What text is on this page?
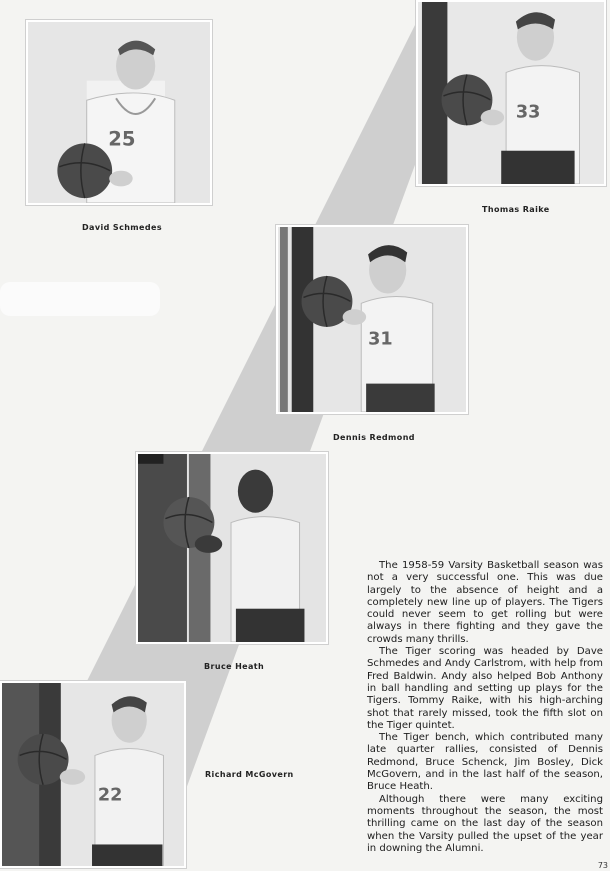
25
David Schmedes
33
Thomas Raike
31
Dennis Redmond
Bruce Heath
22
Richard McGovern

The 1958-59 Varsity Basketball season was not a very successful one. This was due largely to the absence of height and a completely new line up of players. The Tigers could never seem to get rolling but were always in there fighting and they gave the crowds many thrills.

The Tiger scoring was headed by Dave Schmedes and Andy Carlstrom, with help from Fred Baldwin. Andy also helped Bob Anthony in ball handling and setting up plays for the Tigers. Tommy Raike, with his high-arching shot that rarely missed, took the fifth slot on the Tiger quintet.

The Tiger bench, which contributed many late quarter rallies, consisted of Dennis Redmond, Bruce Schenck, Jim Bosley, Dick McGovern, and in the last half of the season, Bruce Heath.

Although there were many exciting moments throughout the season, the most thrilling came on the last day of the season when the Varsity pulled the upset of the year in downing the Alumni.

73
